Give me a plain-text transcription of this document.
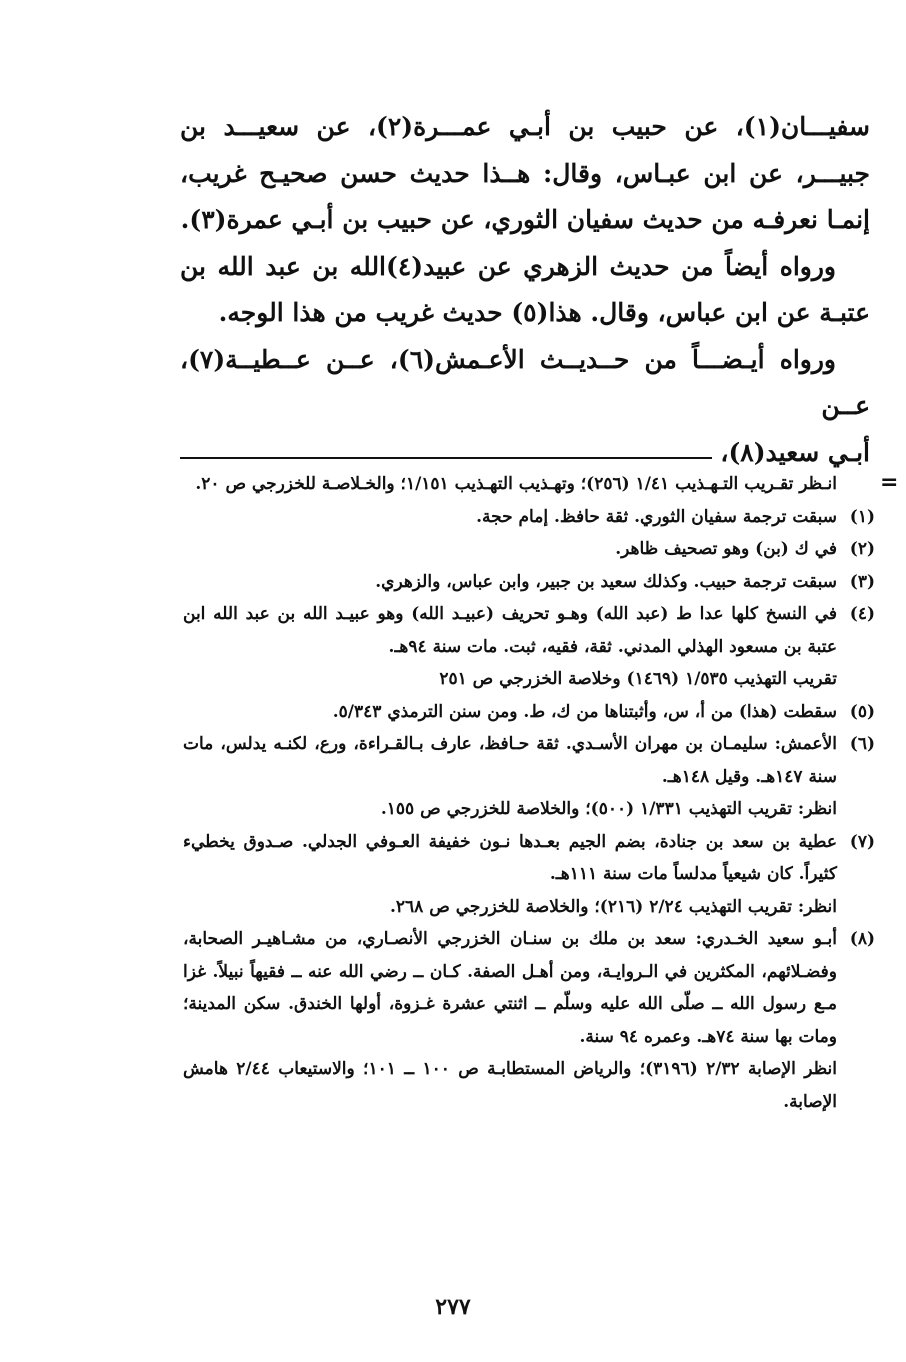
سفيـــان(١)، عن حبيب بن أبـي عمـــرة(٢)، عن سعيـــد بن جبيـــر، عن ابن عبـاس، وقال: هــذا حديث حسن صحيـح غريب، إنمـا نعرفـه من حديث سفيان الثوري، عن حبيب بن أبـي عمرة(٣).

ورواه أيضاً من حديث الزهري عن عبيد(٤)الله بن عبد الله بن عتبـة عن ابن عباس، وقال. هذا(٥) حديث غريب من هذا الوجه.

ورواه أيـضـــاً من حــديــث الأعـمش(٦)، عــن عــطيــة(٧)، عــن

أبـي سعيد(٨)،

=

انـظر تقـريب التـهـذيب ١/٤١ (٢٥٦)؛ وتهـذيب التهـذيب ١/١٥١؛ والخـلاصـة للخزرجي ص ٢٠.

(١)

سبقت ترجمة سفيان الثوري. ثقة حافظ. إمام حجة.

(٢)

في ك (بن) وهو تصحيف ظاهر.

(٣)

سبقت ترجمة حبيب. وكذلك سعيد بن جبير، وابن عباس، والزهري.

(٤)

في النسخ كلها عدا ط (عبد الله) وهـو تحريف (عبيـد الله) وهو عبيـد الله بن عبد الله ابن عتبة بن مسعود الهذلي المدني. ثقة، فقيه، ثبت. مات سنة ٩٤هـ.

تقريب التهذيب ١/٥٣٥ (١٤٦٩) وخلاصة الخزرجي ص ٢٥١

(٥)

سقطت (هذا) من أ، س، وأثبتناها من ك، ط. ومن سنن الترمذي ٥/٣٤٣.

(٦)

الأعمش: سليمـان بن مهران الأسـدي. ثقة حـافظ، عارف بـالقـراءة، ورع، لكنـه يدلس، مات سنة ١٤٧هـ. وقيل ١٤٨هـ.

انظر: تقريب التهذيب ١/٣٣١ (٥٠٠)؛ والخلاصة للخزرجي ص ١٥٥.

(٧)

عطية بن سعد بن جنادة، بضم الجيم بعـدها نـون خفيفة العـوفي الجدلي. صـدوق يخطيء كثيراً. كان شيعياً مدلساً مات سنة ١١١هـ.

انظر: تقريب التهذيب ٢/٢٤ (٢١٦)؛ والخلاصة للخزرجي ص ٢٦٨.

(٨)

أبـو سعيد الخـدري: سعد بن ملك بن سنـان الخزرجي الأنصـاري، من مشـاهيـر الصحابة، وفضـلائهم، المكثرين في الـروايـة، ومن أهـل الصفة. كـان ــ رضي الله عنه ــ فقيهاً نبيلاً. غزا مـع رسول الله ــ صلّى الله عليه وسلّم ــ اثنتي عشرة غـزوة، أولها الخندق. سكن المدينة؛ ومات بها سنة ٧٤هـ. وعمره ٩٤ سنة.

انظر الإصابة ٢/٣٢ (٣١٩٦)؛ والرياض المستطابـة ص ١٠٠ ــ ١٠١؛ والاستيعاب ٢/٤٤ هامش الإصابة.

٢٧٧
